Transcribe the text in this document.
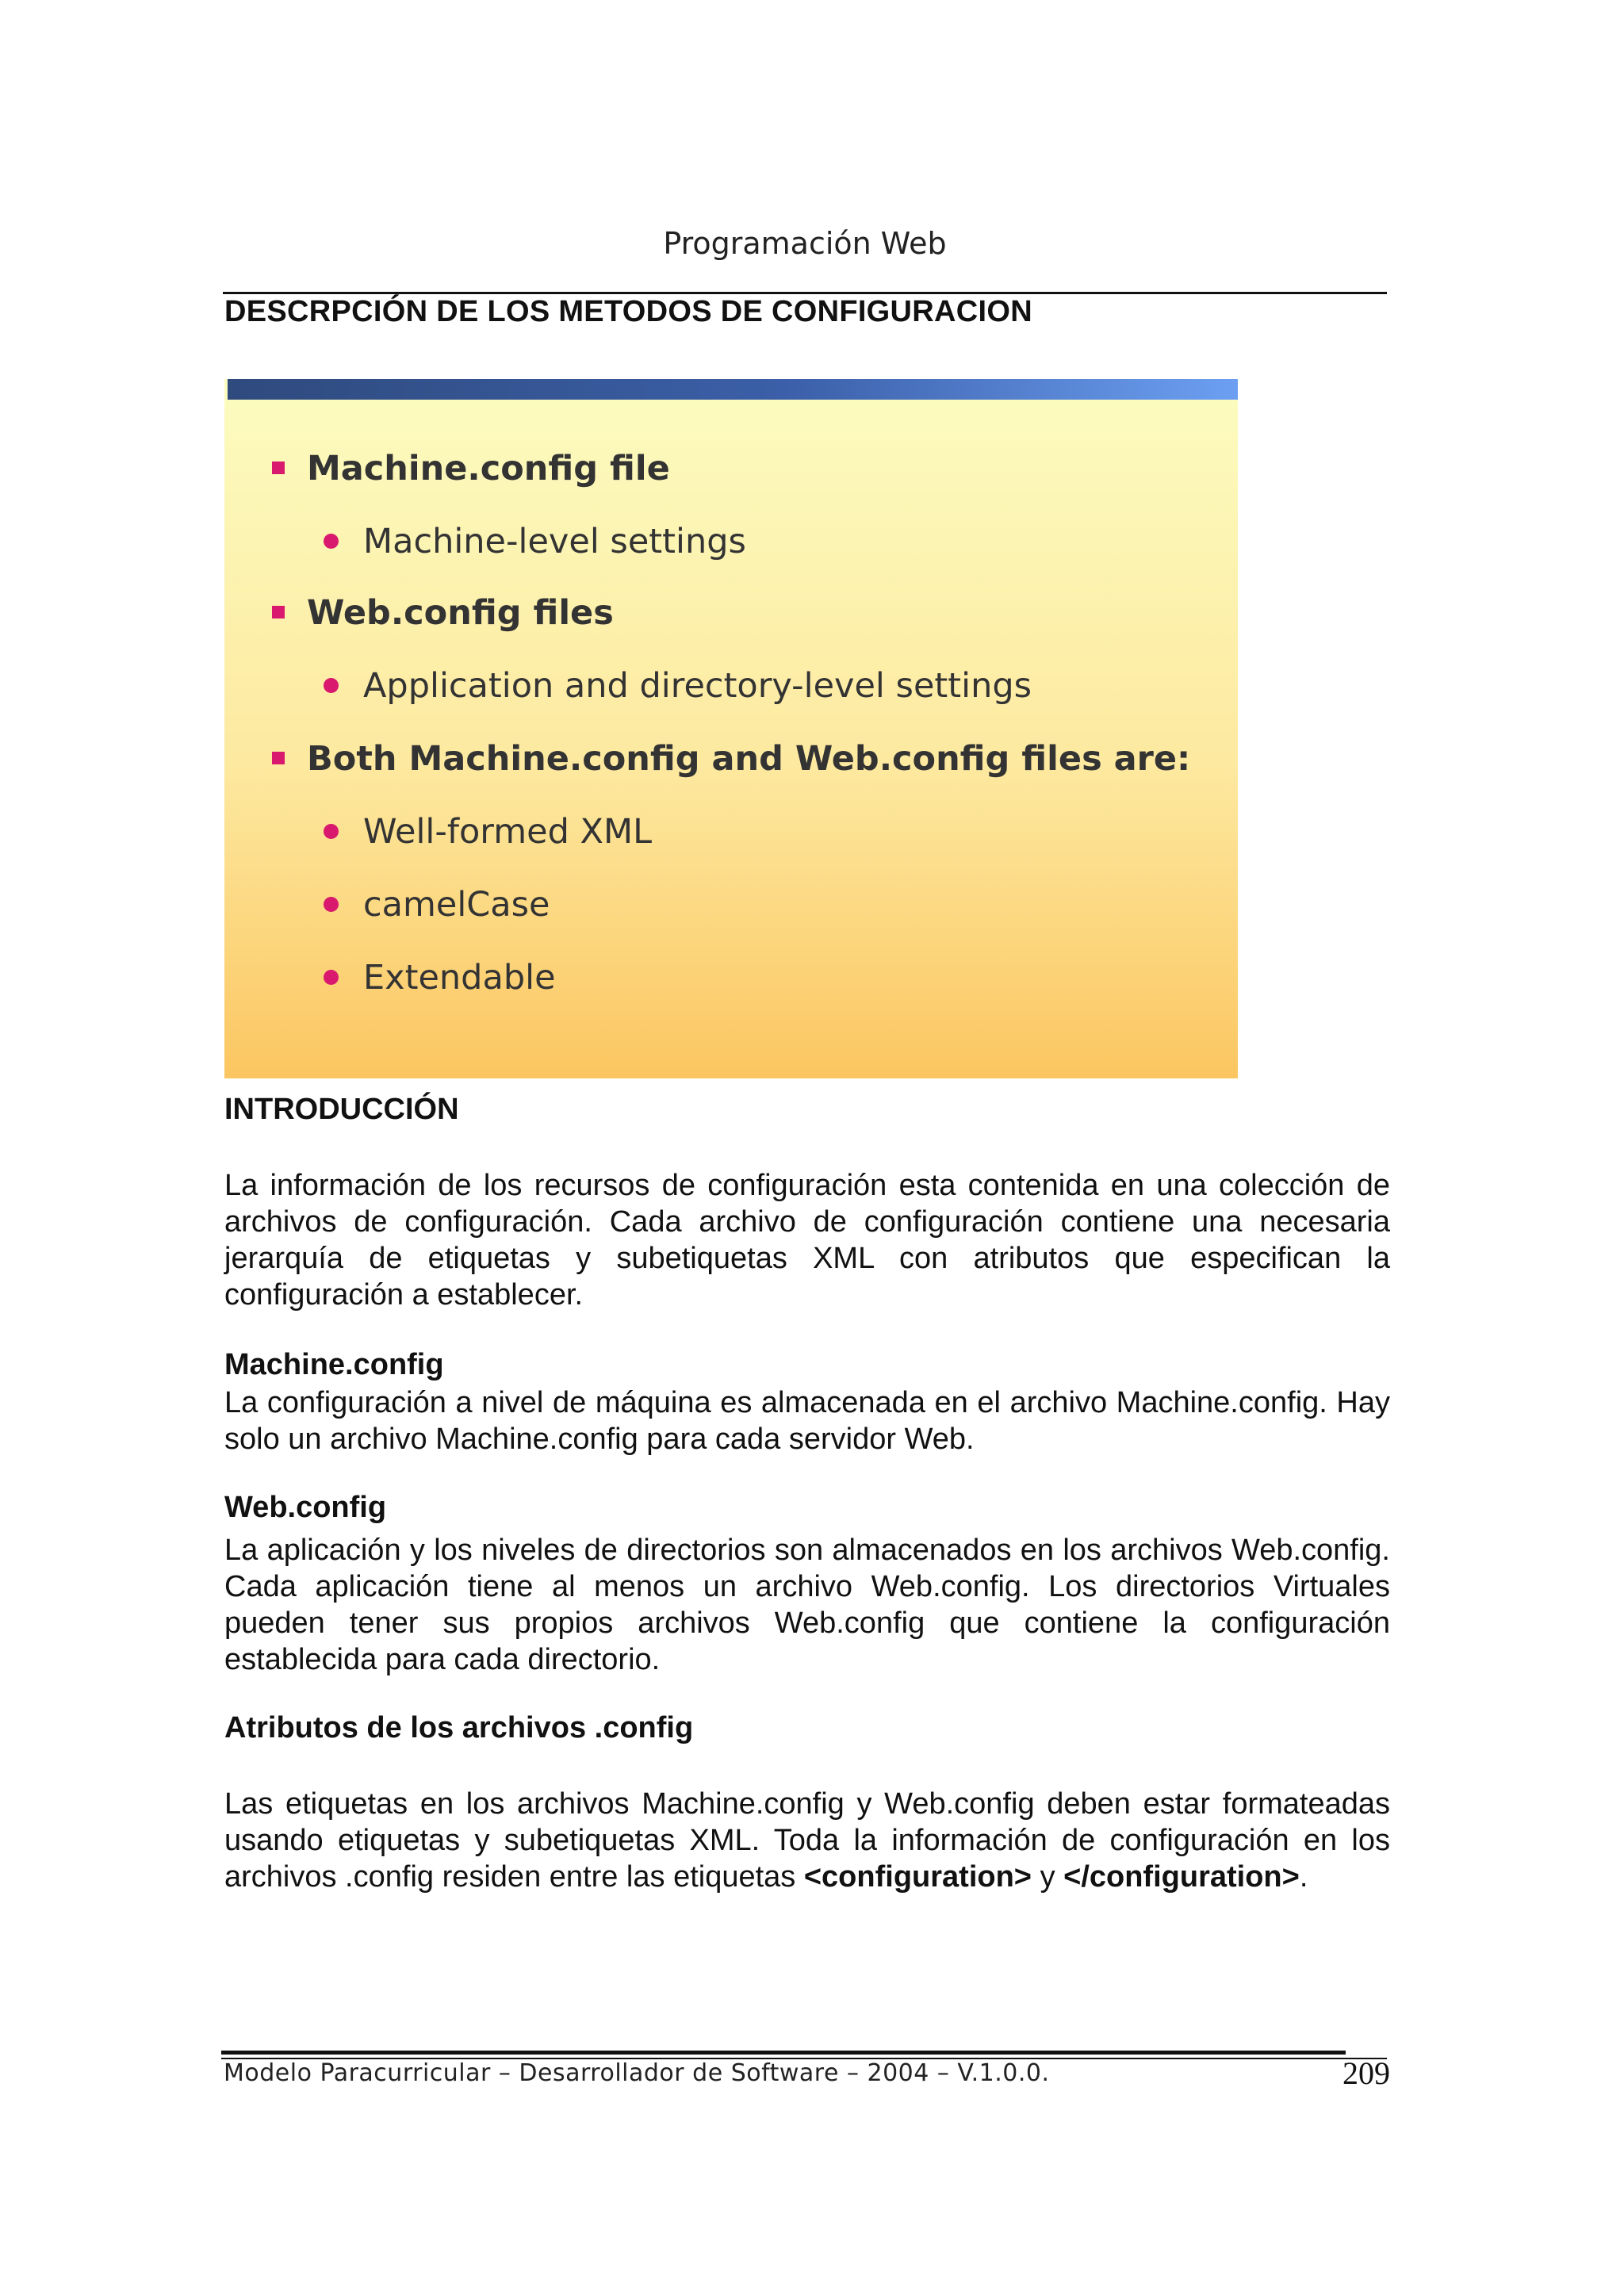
Programación Web
DESCRPCIÓN DE LOS METODOS DE CONFIGURACION
Machine.config file
Machine-level settings
Web.config files
Application and directory-level settings
Both Machine.config and Web.config files are:
Well-formed XML
camelCase
Extendable
INTRODUCCIÓN
La información de los recursos de configuración esta contenida en una colección de archivos de configuración. Cada archivo de configuración contiene una necesaria jerarquía de etiquetas y subetiquetas XML con atributos que especifican la configuración a establecer.
Machine.config
La configuración a nivel de máquina es almacenada en el archivo Machine.config. Hay solo un archivo Machine.config para cada servidor Web.
Web.config
La aplicación y los niveles de directorios son almacenados en los archivos Web.config. Cada aplicación tiene al menos un archivo Web.config. Los directorios Virtuales pueden tener sus propios archivos Web.config que contiene la configuración establecida para cada directorio.
Atributos de los archivos .config
Las etiquetas en los archivos Machine.config y Web.config deben estar formateadas usando etiquetas y subetiquetas XML. Toda la información de configuración en los archivos .config residen entre las etiquetas <configuration> y </configuration>.
Modelo Paracurricular – Desarrollador de Software – 2004 – V.1.0.0.	209
